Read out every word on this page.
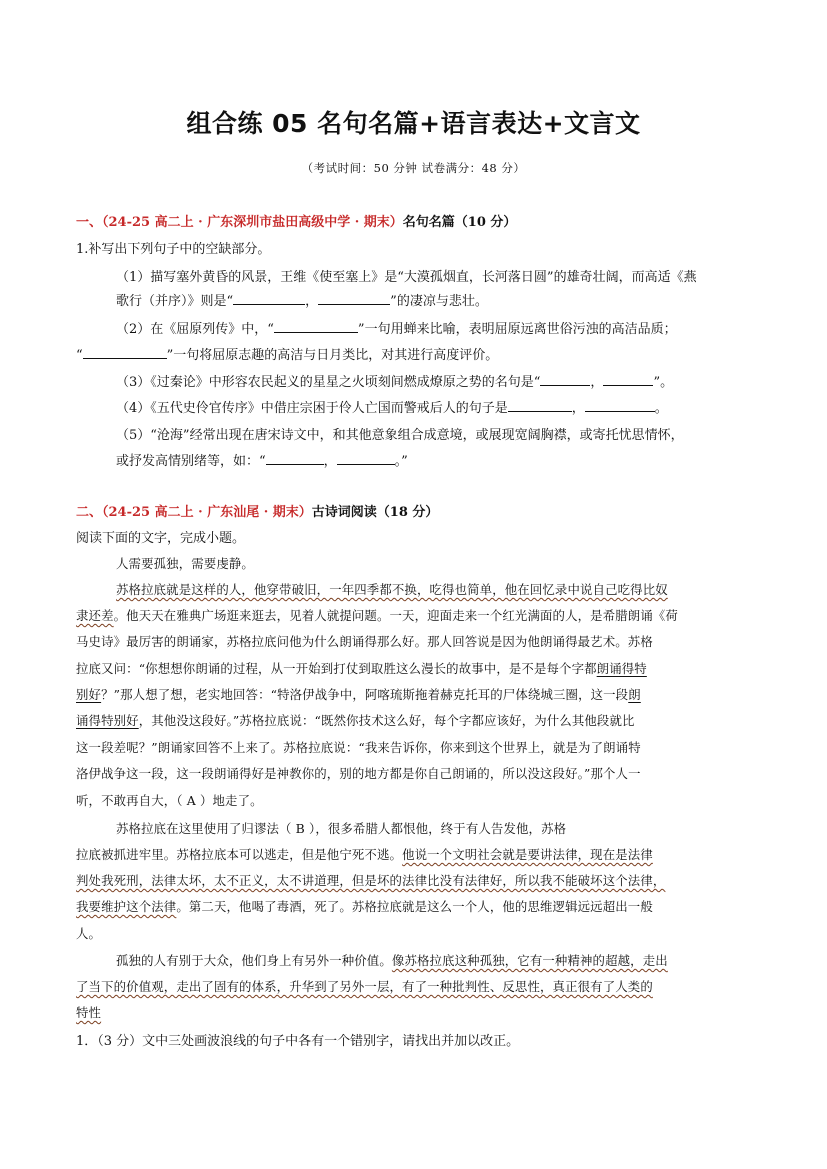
组合练 05 名句名篇+语言表达+文言文
（考试时间：50 分钟 试卷满分：48 分）
一、（24-25 高二上 · 广东深圳市盐田高级中学 · 期末）名句名篇（10 分）
1.补写出下列句子中的空缺部分。
（1）描写塞外黄昏的风景，王维《使至塞上》是“大漠孤烟直，长河落日圆”的雄奇壮阔，而高适《燕
歌行（并序）》则是“	，	”的凄凉与悲壮。
（2）在《屈原列传》中，“	”一句用蝉来比喻，表明屈原远离世俗污浊的高洁品质；
“	”一句将屈原志趣的高洁与日月类比，对其进行高度评价。
（3）《过秦论》中形容农民起义的星星之火顷刻间燃成燎原之势的名句是“	，	”。
（4）《五代史伶官传序》中借庄宗困于伶人亡国而警戒后人的句子是	，	。
（5）“沧海”经常出现在唐宋诗文中，和其他意象组合成意境，或展现宽阔胸襟，或寄托忧思情怀，
或抒发高情别绪等，如：“	，	。”
二、（24-25 高二上 · 广东汕尾 · 期末）古诗词阅读（18 分）
阅读下面的文字，完成小题。
人需要孤独，需要虔静。
苏格拉底就是这样的人，他穿带破旧，一年四季都不换，吃得也简单，他在回忆录中说自己吃得比奴
隶还差。他天天在雅典广场逛来逛去，见着人就提问题。一天，迎面走来一个红光满面的人，是希腊朗诵《荷
马史诗》最厉害的朗诵家，苏格拉底问他为什么朗诵得那么好。那人回答说是因为他朗诵得最艺术。苏格
拉底又问：“你想想你朗诵的过程，从一开始到打仗到取胜这么漫长的故事中，是不是每个字都朗诵得特
别好？”那人想了想，老实地回答：“特洛伊战争中，阿喀琉斯拖着赫克托耳的尸体绕城三圈，这一段朗
诵得特别好，其他没这段好。”苏格拉底说：“既然你技术这么好，每个字都应该好，为什么其他段就比
这一段差呢？”朗诵家回答不上来了。苏格拉底说：“我来告诉你，你来到这个世界上，就是为了朗诵特
洛伊战争这一段，这一段朗诵得好是神教你的，别的地方都是你自己朗诵的，所以没这段好。”那个人一
听，不敢再自大，（ A ）地走了。
苏格拉底在这里使用了归谬法（ B ），很多希腊人都恨他，终于有人告发他，苏格
拉底被抓进牢里。苏格拉底本可以逃走，但是他宁死不逃。他说一个文明社会就是要讲法律，现在是法律
判处我死刑，法律太坏，太不正义，太不讲道理，但是坏的法律比没有法律好，所以我不能破坏这个法律，
我要维护这个法律。第二天，他喝了毒酒，死了。苏格拉底就是这么一个人，他的思维逻辑远远超出一般
人。
孤独的人有别于大众，他们身上有另外一种价值。像苏格拉底这种孤独，它有一种精神的超越，走出
了当下的价值观，走出了固有的体系，升华到了另外一层，有了一种批判性、反思性，真正很有了人类的
特性
1．（3 分）文中三处画波浪线的句子中各有一个错别字，请找出并加以改正。
